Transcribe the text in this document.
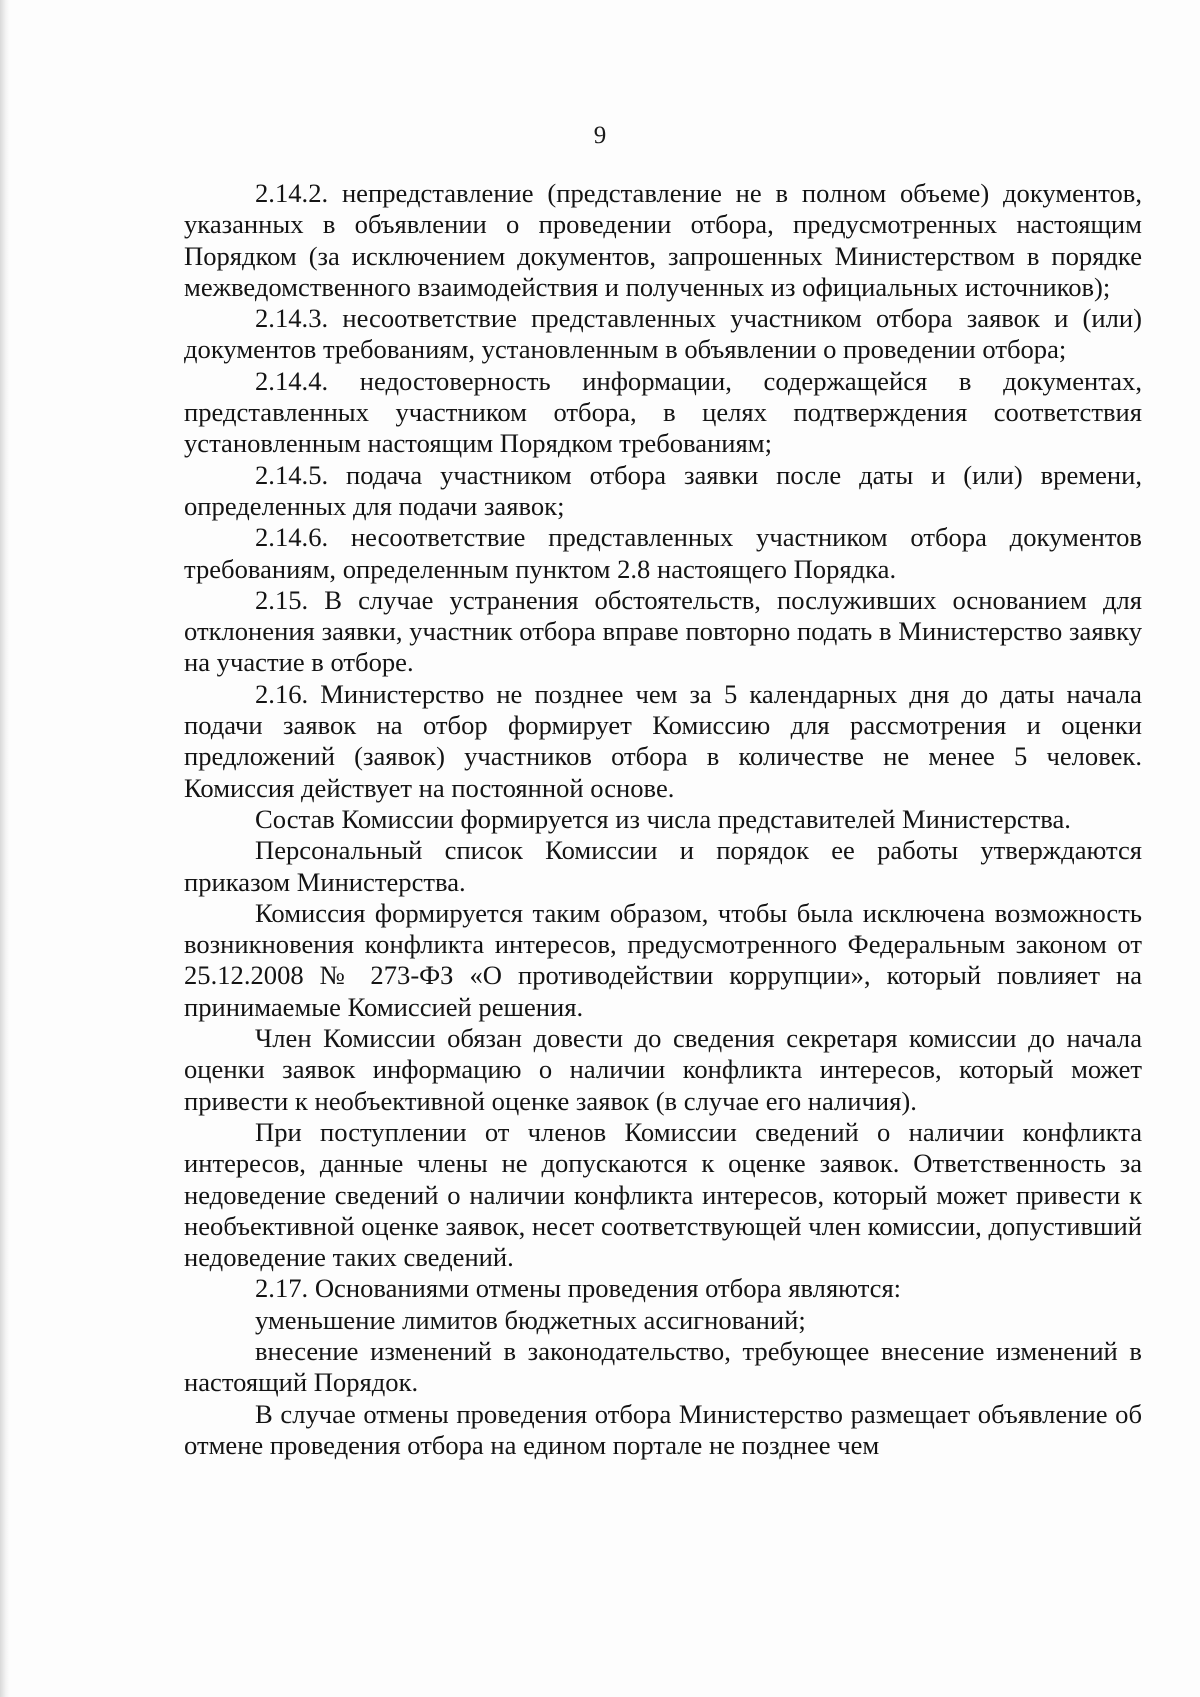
9

2.14.2. непредставление (представление не в полном объеме) документов, указанных в объявлении о проведении отбора, предусмотренных настоящим Порядком (за исключением документов, запрошенных Министерством в порядке межведомственного взаимодействия и полученных из официальных источников);

2.14.3. несоответствие представленных участником отбора заявок и (или) документов требованиям, установленным в объявлении о проведении отбора;

2.14.4. недостоверность информации, содержащейся в документах, представленных участником отбора, в целях подтверждения соответствия установленным настоящим Порядком требованиям;

2.14.5. подача участником отбора заявки после даты и (или) времени, определенных для подачи заявок;

2.14.6. несоответствие представленных участником отбора документов требованиям, определенным пунктом 2.8 настоящего Порядка.

2.15. В случае устранения обстоятельств, послуживших основанием для отклонения заявки, участник отбора вправе повторно подать в Министерство заявку на участие в отборе.

2.16. Министерство не позднее чем за 5 календарных дня до даты начала подачи заявок на отбор формирует Комиссию для рассмотрения и оценки предложений (заявок) участников отбора в количестве не менее 5 человек. Комиссия действует на постоянной основе.

Состав Комиссии формируется из числа представителей Министерства.

Персональный список Комиссии и порядок ее работы утверждаются приказом Министерства.

Комиссия формируется таким образом, чтобы была исключена возможность возникновения конфликта интересов, предусмотренного Федеральным законом от 25.12.2008 № 273-ФЗ «О противодействии коррупции», который повлияет на принимаемые Комиссией решения.

Член Комиссии обязан довести до сведения секретаря комиссии до начала оценки заявок информацию о наличии конфликта интересов, который может привести к необъективной оценке заявок (в случае его наличия).

При поступлении от членов Комиссии сведений о наличии конфликта интересов, данные члены не допускаются к оценке заявок. Ответственность за недоведение сведений о наличии конфликта интересов, который может привести к необъективной оценке заявок, несет соответствующей член комиссии, допустивший недоведение таких сведений.

2.17. Основаниями отмены проведения отбора являются:

уменьшение лимитов бюджетных ассигнований;

внесение изменений в законодательство, требующее внесение изменений в настоящий Порядок.

В случае отмены проведения отбора Министерство размещает объявление об отмене проведения отбора на едином портале не позднее чем
